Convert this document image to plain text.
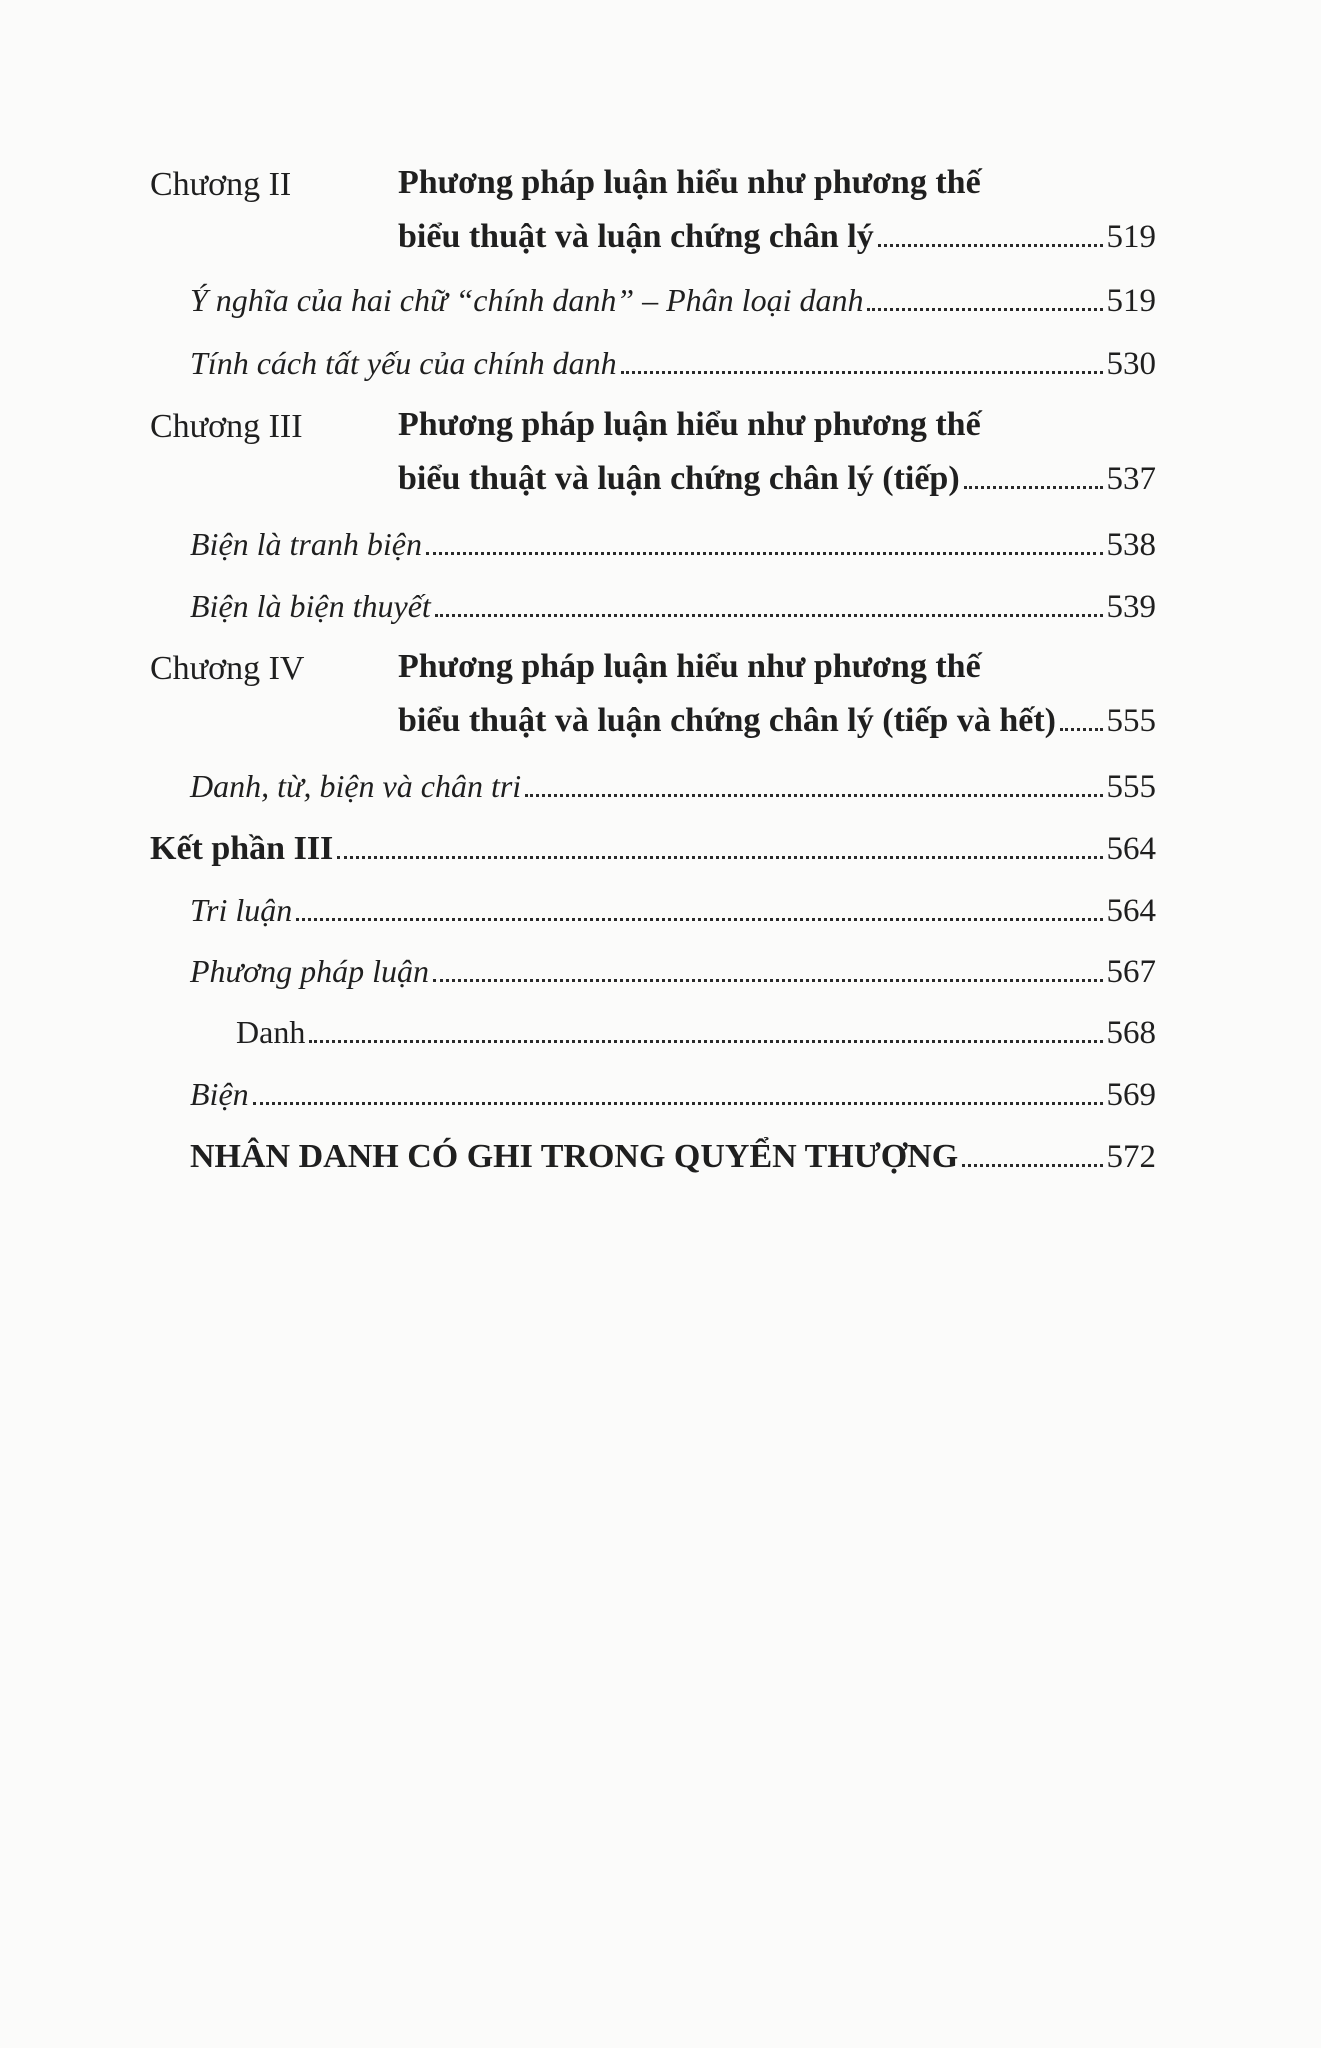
Chương II	Phương pháp luận hiểu như phương thế
biểu thuật và luận chứng chân lý	519
Ý nghĩa của hai chữ “chính danh” – Phân loại danh	519
Tính cách tất yếu của chính danh	530
Chương III	Phương pháp luận hiểu như phương thế
biểu thuật và luận chứng chân lý (tiếp)	537
Biện là tranh biện	538
Biện là biện thuyết	539
Chương IV	Phương pháp luận hiểu như phương thế
biểu thuật và luận chứng chân lý (tiếp và hết) 555
Danh, từ, biện và chân tri	555
Kết phần III	564
Tri luận	564
Phương pháp luận	567
Danh	568
Biện	569
NHÂN DANH CÓ GHI TRONG QUYỂN THƯỢNG	572
